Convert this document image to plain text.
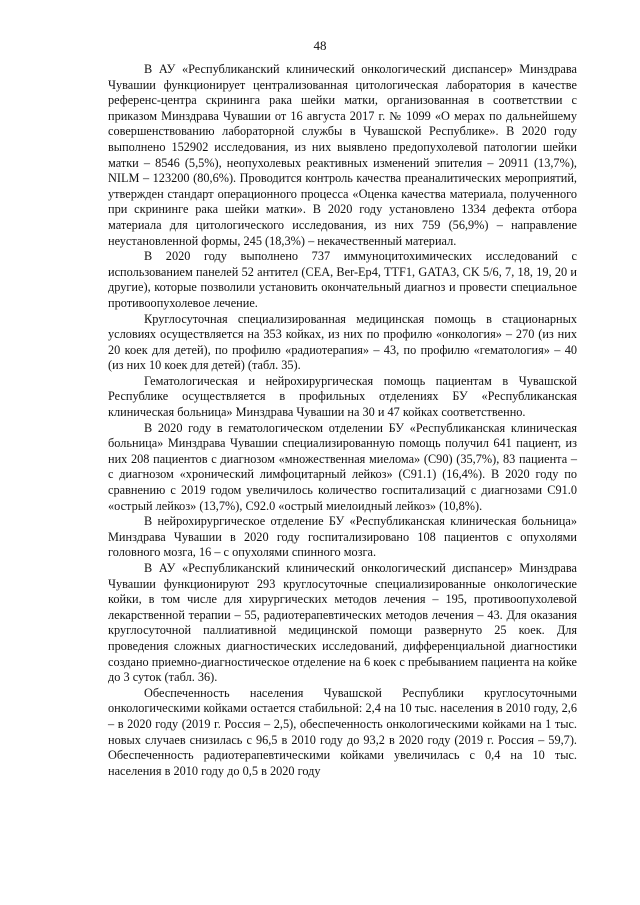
48

В АУ «Республиканский клинический онкологический диспансер» Минздрава Чувашии функционирует централизованная цитологическая лаборатория в качестве референс-центра скрининга рака шейки матки, организованная в соответствии с приказом Минздрава Чувашии от 16 августа 2017 г. № 1099 «О мерах по дальнейшему совершенствованию лабораторной службы в Чувашской Республике». В 2020 году выполнено 152902 исследования, из них выявлено предопухолевой патологии шейки матки – 8546 (5,5%), неопухолевых реактивных изменений эпителия – 20911 (13,7%), NILM – 123200 (80,6%). Проводится контроль качества преаналитических мероприятий, утвержден стандарт операционного процесса «Оценка качества материала, полученного при скрининге рака шейки матки». В 2020 году установлено 1334 дефекта отбора материала для цитологического исследования, из них 759 (56,9%) – направление неустановленной формы, 245 (18,3%) – некачественный материал.

В 2020 году выполнено 737 иммуноцитохимических исследований с использованием панелей 52 антител (CEA, Ber-Ep4, TTF1, GATA3, CK 5/6, 7, 18, 19, 20 и другие), которые позволили установить окончательный диагноз и провести специальное противоопухолевое лечение.

Круглосуточная специализированная медицинская помощь в стационарных условиях осуществляется на 353 койках, из них по профилю «онкология» – 270 (из них 20 коек для детей), по профилю «радиотерапия» – 43, по профилю «гематология» – 40 (из них 10 коек для детей) (табл. 35).

Гематологическая и нейрохирургическая помощь пациентам в Чувашской Республике осуществляется в профильных отделениях БУ «Республиканская клиническая больница» Минздрава Чувашии на 30 и 47 койках соответственно.

В 2020 году в гематологическом отделении БУ «Республиканская клиническая больница» Минздрава Чувашии специализированную помощь получил 641 пациент, из них 208 пациентов с диагнозом «множественная миелома» (С90) (35,7%), 83 пациента – с диагнозом «хронический лимфоцитарный лейкоз» (С91.1) (16,4%). В 2020 году по сравнению с 2019 годом увеличилось количество госпитализаций с диагнозами С91.0 «острый лейкоз» (13,7%), С92.0 «острый миелоидный лейкоз» (10,8%).

В нейрохирургическое отделение БУ «Республиканская клиническая больница» Минздрава Чувашии в 2020 году госпитализировано 108 пациентов с опухолями головного мозга, 16 – с опухолями спинного мозга.

В АУ «Республиканский клинический онкологический диспансер» Минздрава Чувашии функционируют 293 круглосуточные специализированные онкологические койки, в том числе для хирургических методов лечения – 195, противоопухолевой лекарственной терапии – 55, радиотерапевтических методов лечения – 43. Для оказания круглосуточной паллиативной медицинской помощи развернуто 25 коек. Для проведения сложных диагностических исследований, дифференциальной диагностики создано приемно-диагностическое отделение на 6 коек с пребыванием пациента на койке до 3 суток (табл. 36).

Обеспеченность населения Чувашской Республики круглосуточными онкологическими койками остается стабильной: 2,4 на 10 тыс. населения в 2010 году, 2,6 – в 2020 году (2019 г. Россия – 2,5), обеспеченность онкологическими койками на 1 тыс. новых случаев снизилась с 96,5 в 2010 году до 93,2 в 2020 году (2019 г. Россия – 59,7). Обеспеченность радиотерапевтическими койками увеличилась с 0,4 на 10 тыс. населения в 2010 году до 0,5 в 2020 году
